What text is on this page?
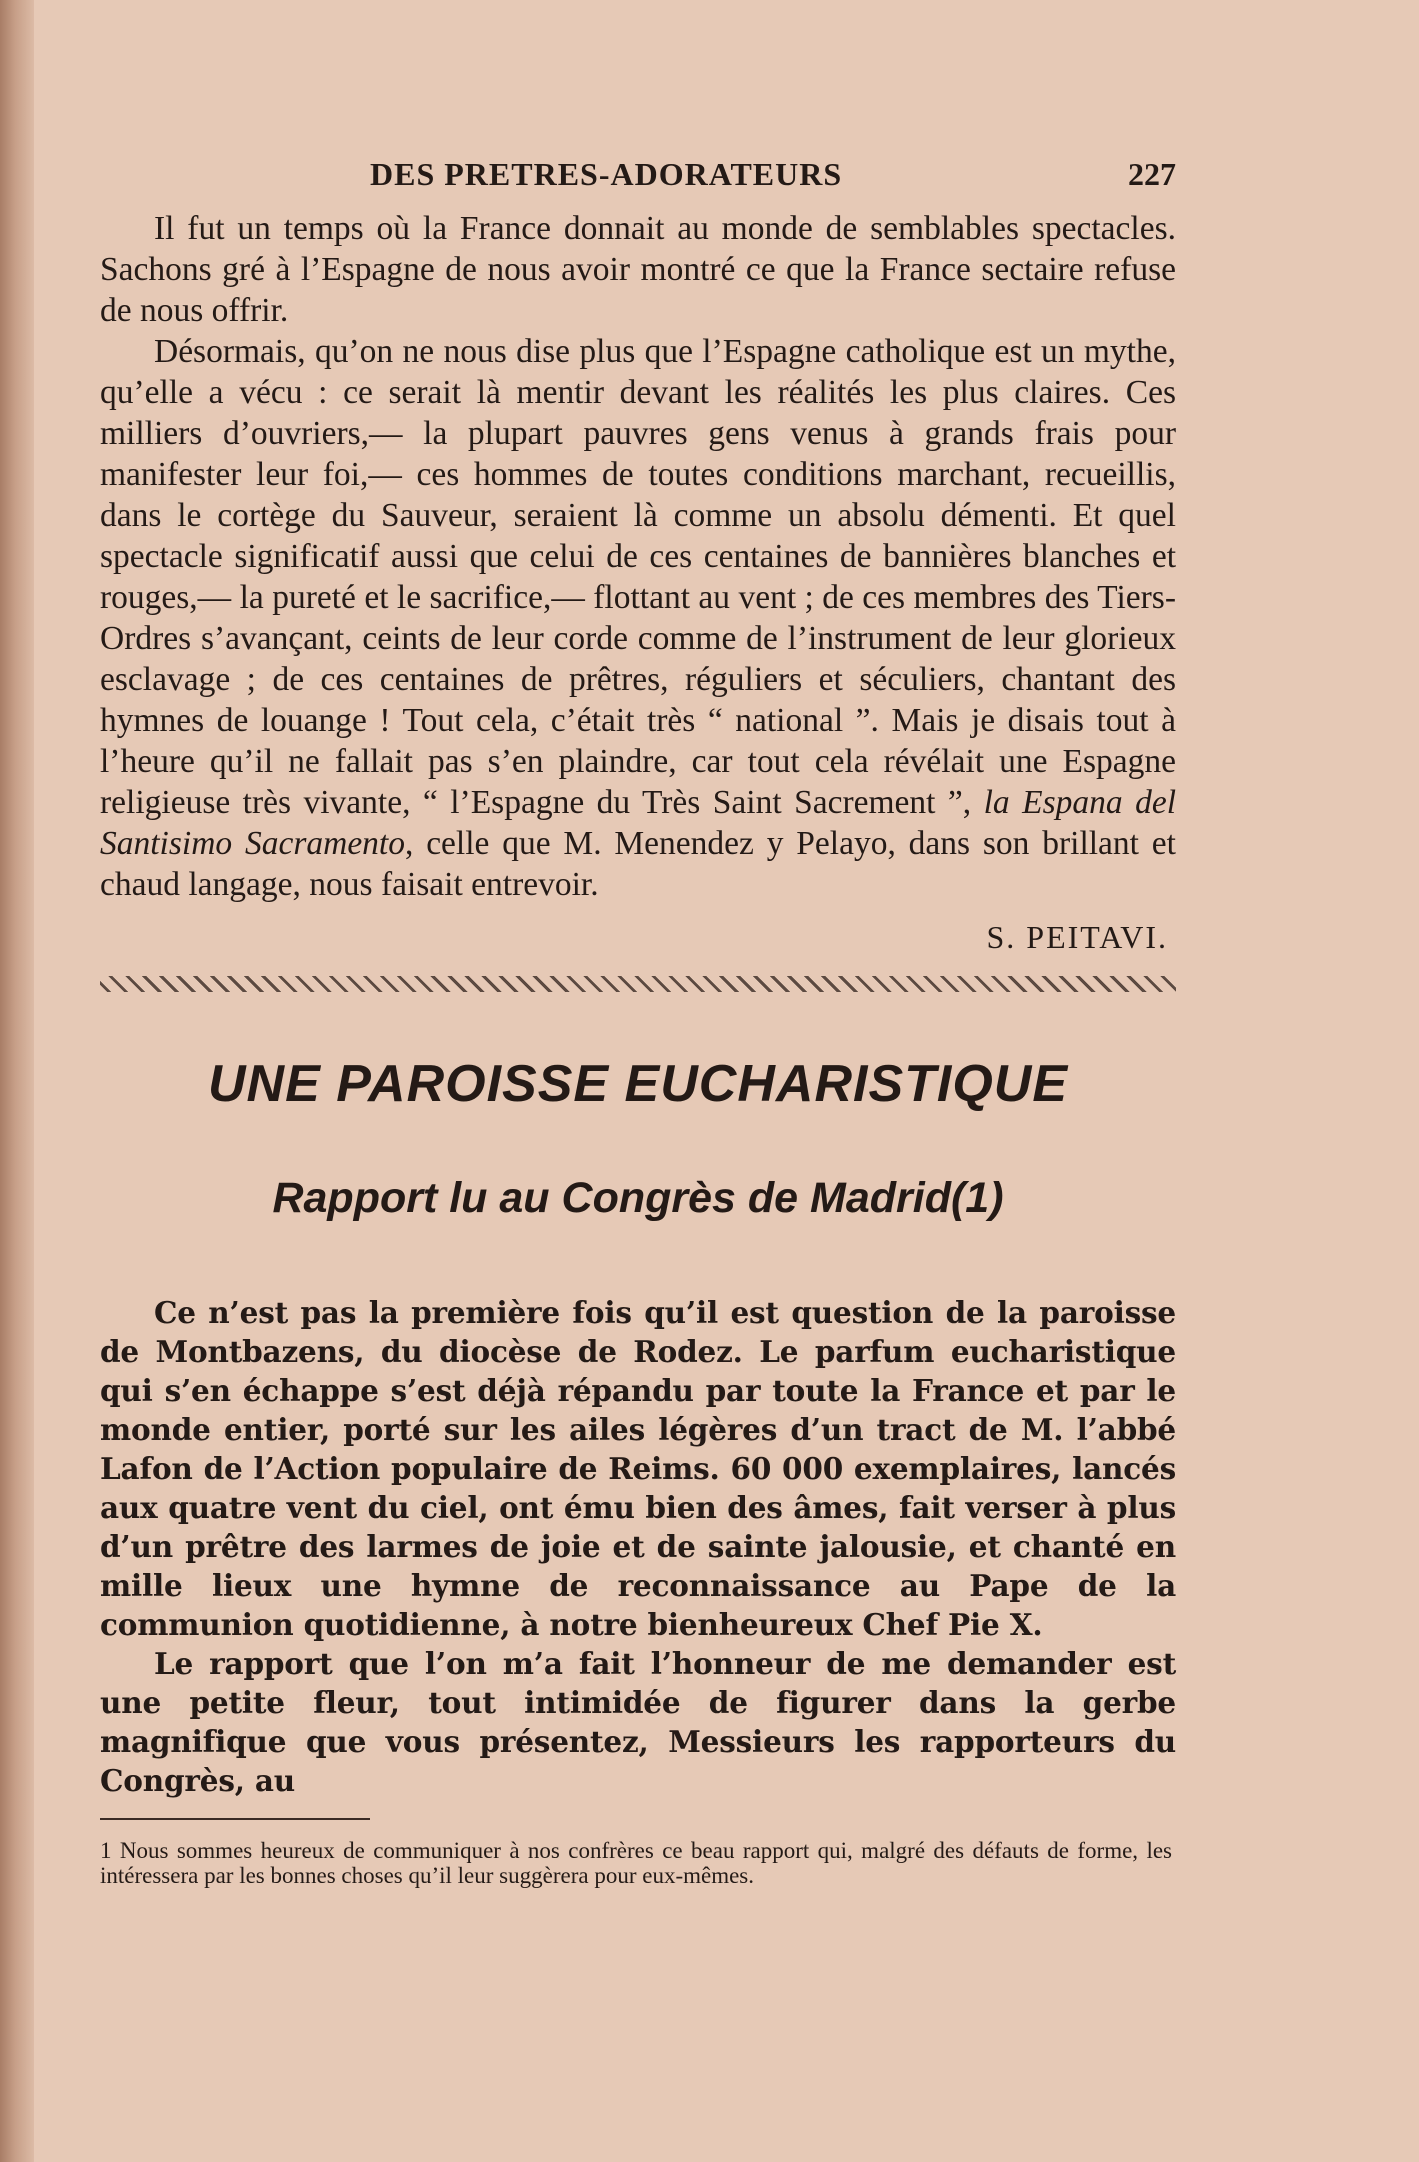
DES PRETRES-ADORATEURS	227

Il fut un temps où la France donnait au monde de semblables spectacles. Sachons gré à l’Espagne de nous avoir montré ce que la France sectaire refuse de nous offrir.

Désormais, qu’on ne nous dise plus que l’Espagne catholique est un mythe, qu’elle a vécu : ce serait là mentir devant les réalités les plus claires. Ces milliers d’ouvriers,— la plupart pauvres gens venus à grands frais pour manifester leur foi,— ces hommes de toutes conditions marchant, recueillis, dans le cortège du Sauveur, seraient là comme un absolu démenti. Et quel spectacle significatif aussi que celui de ces centaines de bannières blanches et rouges,— la pureté et le sacrifice,— flottant au vent ; de ces membres des Tiers-Ordres s’avançant, ceints de leur corde comme de l’instrument de leur glorieux esclavage ; de ces centaines de prêtres, réguliers et séculiers, chantant des hymnes de louange ! Tout cela, c’était très “ national ”. Mais je disais tout à l’heure qu’il ne fallait pas s’en plaindre, car tout cela révélait une Espagne religieuse très vivante, “ l’Espagne du Très Saint Sacrement ”, la Espana del Santisimo Sacramento, celle que M. Menendez y Pelayo, dans son brillant et chaud langage, nous faisait entrevoir.

S. PEITAVI.
UNE PAROISSE EUCHARISTIQUE
Rapport lu au Congrès de Madrid(1)

Ce n’est pas la première fois qu’il est question de la paroisse de Montbazens, du diocèse de Rodez. Le parfum eucharistique qui s’en échappe s’est déjà répandu par toute la France et par le monde entier, porté sur les ailes légères d’un tract de M. l’abbé Lafon de l’Action populaire de Reims. 60 000 exemplaires, lancés aux quatre vent du ciel, ont ému bien des âmes, fait verser à plus d’un prêtre des larmes de joie et de sainte jalousie, et chanté en mille lieux une hymne de reconnaissance au Pape de la communion quotidienne, à notre bienheureux Chef Pie X.

Le rapport que l’on m’a fait l’honneur de me demander est une petite fleur, tout intimidée de figurer dans la gerbe magnifique que vous présentez, Messieurs les rapporteurs du Congrès, au

1 Nous sommes heureux de communiquer à nos confrères ce beau rapport qui, malgré des défauts de forme, les intéressera par les bonnes choses qu’il leur suggèrera pour eux-mêmes.
